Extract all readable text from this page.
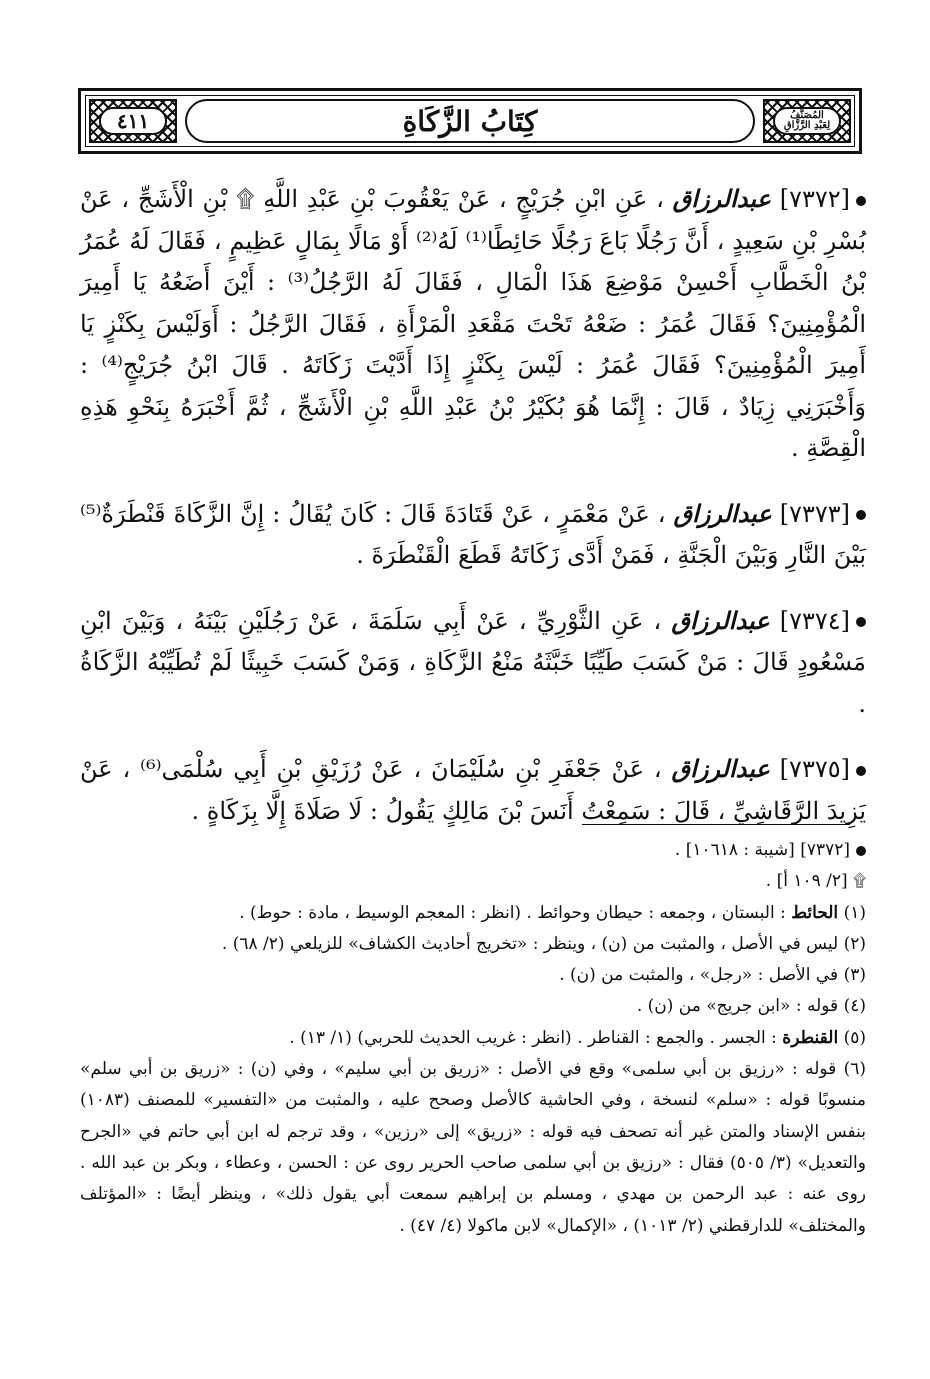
٤١١	كِتَابُ الزَّكَاةِ	المُصَنَّفُ
لِعَبْدِ الرَّزَّاقِ

[٧٣٧٢] عبدالرزاق ، عَنِ ابْنِ جُرَيْجٍ ، عَنْ يَعْقُوبَ بْنِ عَبْدِ اللَّهِ ۩ بْنِ الْأَشَجِّ ، عَنْ بُسْرِ بْنِ سَعِيدٍ ، أَنَّ رَجُلًا بَاعَ رَجُلًا حَائِطًا⁽¹⁾ لَهُ⁽²⁾ أَوْ مَالًا بِمَالٍ عَظِيمٍ ، فَقَالَ لَهُ عُمَرُ بْنُ الْخَطَّابِ أَحْسِنْ مَوْضِعَ هَذَا الْمَالِ ، فَقَالَ لَهُ الرَّجُلُ⁽³⁾ : أَيْنَ أَضَعُهُ يَا أَمِيرَ الْمُؤْمِنِينَ؟ فَقَالَ عُمَرُ : ضَعْهُ تَحْتَ مَقْعَدِ الْمَرْأَةِ ، فَقَالَ الرَّجُلُ : أَوَلَيْسَ بِكَنْزٍ يَا أَمِيرَ الْمُؤْمِنِينَ؟ فَقَالَ عُمَرُ : لَيْسَ بِكَنْزٍ إِذَا أَدَّيْتَ زَكَاتَهُ . قَالَ ابْنُ جُرَيْجٍ⁽⁴⁾ : وَأَخْبَرَنِي زِيَادٌ ، قَالَ : إِنَّمَا هُوَ بُكَيْرُ بْنُ عَبْدِ اللَّهِ بْنِ الْأَشَجِّ ، ثُمَّ أَخْبَرَهُ بِنَحْوِ هَذِهِ الْقِصَّةِ .

[٧٣٧٣] عبدالرزاق ، عَنْ مَعْمَرٍ ، عَنْ قَتَادَةَ قَالَ : كَانَ يُقَالُ : إِنَّ الزَّكَاةَ قَنْطَرَةٌ⁽⁵⁾ بَيْنَ النَّارِ وَبَيْنَ الْجَنَّةِ ، فَمَنْ أَدَّى زَكَاتَهُ قَطَعَ الْقَنْطَرَةَ .

[٧٣٧٤] عبدالرزاق ، عَنِ الثَّوْرِيِّ ، عَنْ أَبِي سَلَمَةَ ، عَنْ رَجُلَيْنِ بَيْنَهُ ، وَبَيْنَ ابْنِ مَسْعُودٍ قَالَ : مَنْ كَسَبَ طَيِّبًا خَبَّثَهُ مَنْعُ الزَّكَاةِ ، وَمَنْ كَسَبَ خَبِيثًا لَمْ تُطَيِّبْهُ الزَّكَاةُ .

[٧٣٧٥] عبدالرزاق ، عَنْ جَعْفَرِ بْنِ سُلَيْمَانَ ، عَنْ رُزَيْقِ بْنِ أَبِي سُلْمَى⁽⁶⁾ ، عَنْ يَزِيدَ الرَّقَاشِيِّ ، قَالَ : سَمِعْتُ أَنَسَ بْنَ مَالِكٍ يَقُولُ : لَا صَلَاةَ إِلَّا بِزَكَاةٍ .

[٧٣٧٢] [شيبة : ١٠٦١٨] .

۩ [٢/ ١٠٩ أ] .

(١) الحائط : البستان ، وجمعه : حيطان وحوائط . (انظر : المعجم الوسيط ، مادة : حوط) .

(٢) ليس في الأصل ، والمثبت من (ن) ، وينظر : «تخريج أحاديث الكشاف» للزيلعي (٢/ ٦٨) .

(٣) في الأصل : «رجل» ، والمثبت من (ن) .

(٤) قوله : «ابن جريج» من (ن) .

(٥) القنطرة : الجسر . والجمع : القناطر . (انظر : غريب الحديث للحربي) (١/ ١٣) .

(٦) قوله : «رزيق بن أبي سلمى» وقع في الأصل : «زريق بن أبي سليم» ، وفي (ن) : «زريق بن أبي سلم» منسوبًا قوله : «سلم» لنسخة ، وفي الحاشية كالأصل وصحح عليه ، والمثبت من «التفسير» للمصنف (١٠٨٣) بنفس الإسناد والمتن غير أنه تصحف فيه قوله : «زريق» إلى «رزين» ، وقد ترجم له ابن أبي حاتم في «الجرح والتعديل» (٣/ ٥٠٥) فقال : «رزيق بن أبي سلمى صاحب الحرير روى عن : الحسن ، وعطاء ، وبكر بن عبد الله . روى عنه : عبد الرحمن بن مهدي ، ومسلم بن إبراهيم سمعت أبي يقول ذلك» ، وينظر أيضًا : «المؤتلف والمختلف» للدارقطني (٢/ ١٠١٣) ، «الإكمال» لابن ماكولا (٤/ ٤٧) .
